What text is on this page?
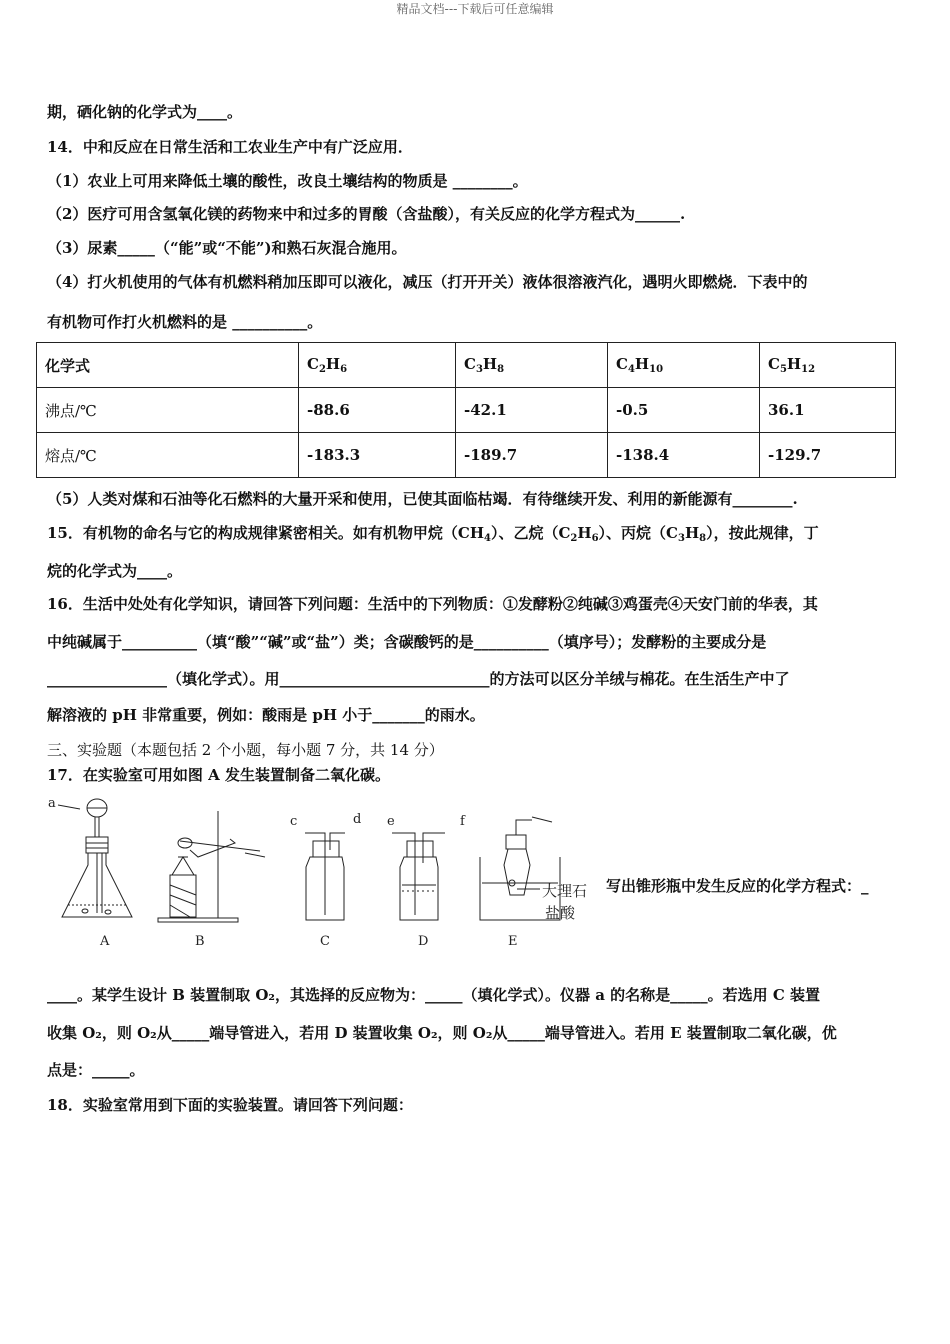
精品文档---下载后可任意编辑
期，硒化钠的化学式为____。
14．中和反应在日常生活和工农业生产中有广泛应用．
（1）农业上可用来降低土壤的酸性，改良土壤结构的物质是 ________。
（2）医疗可用含氢氧化镁的药物来中和过多的胃酸（含盐酸），有关反应的化学方程式为______.
（3）尿素_____（“能”或“不能”)和熟石灰混合施用。
（4）打火机使用的气体有机燃料稍加压即可以液化，减压（打开开关）液体很溶液汽化，遇明火即燃烧．下表中的
有机物可作打火机燃料的是 __________。
化学式	$C_2H_6$	$C_3H_8$	$C_4H_{10}$	$C_5H_{12}$
沸点/℃	-88.6	-42.1	-0.5	36.1
熔点/℃	-183.3	-189.7	-138.4	-129.7
（5）人类对煤和石油等化石燃料的大量开采和使用，已使其面临枯竭．有待继续开发、利用的新能源有________.
15．有机物的命名与它的构成规律紧密相关。如有机物甲烷$(CH_4)$、乙烷$(C_2H_6)$、丙烷$(C_3H_8)$，按此规律，丁
烷的化学式为____。
16．生活中处处有化学知识，请回答下列问题：生活中的下列物质：①发酵粉②纯碱③鸡蛋壳④天安门前的华表，其
中纯碱属于__________（填“酸”“碱”或“盐”）类；含碳酸钙的是__________（填序号）；发酵粉的主要成分是
________________（填化学式）。用____________________________的方法可以区分羊绒与棉花。在生活生产中了
解溶液的 pH 非常重要，例如：酸雨是 pH 小于_______的雨水。
三、实验题（本题包括 2 个小题，每小题 7 分，共 14 分）
17．在实验室可用如图 A 发生装置制备二氧化碳。
a
A	B
c	d
C
e	f
D
大理石
盐酸
E
写出锥形瓶中发生反应的化学方程式：_
____。某学生设计 B 装置制取 O₂，其选择的反应物为：_____（填化学式）。仪器 a 的名称是_____。若选用 C 装置
收集 O₂，则 O₂从_____端导管进入，若用 D 装置收集 O₂，则 O₂从_____端导管进入。若用 E 装置制取二氧化碳，优
点是：_____。
18．实验室常用到下面的实验装置。请回答下列问题：
